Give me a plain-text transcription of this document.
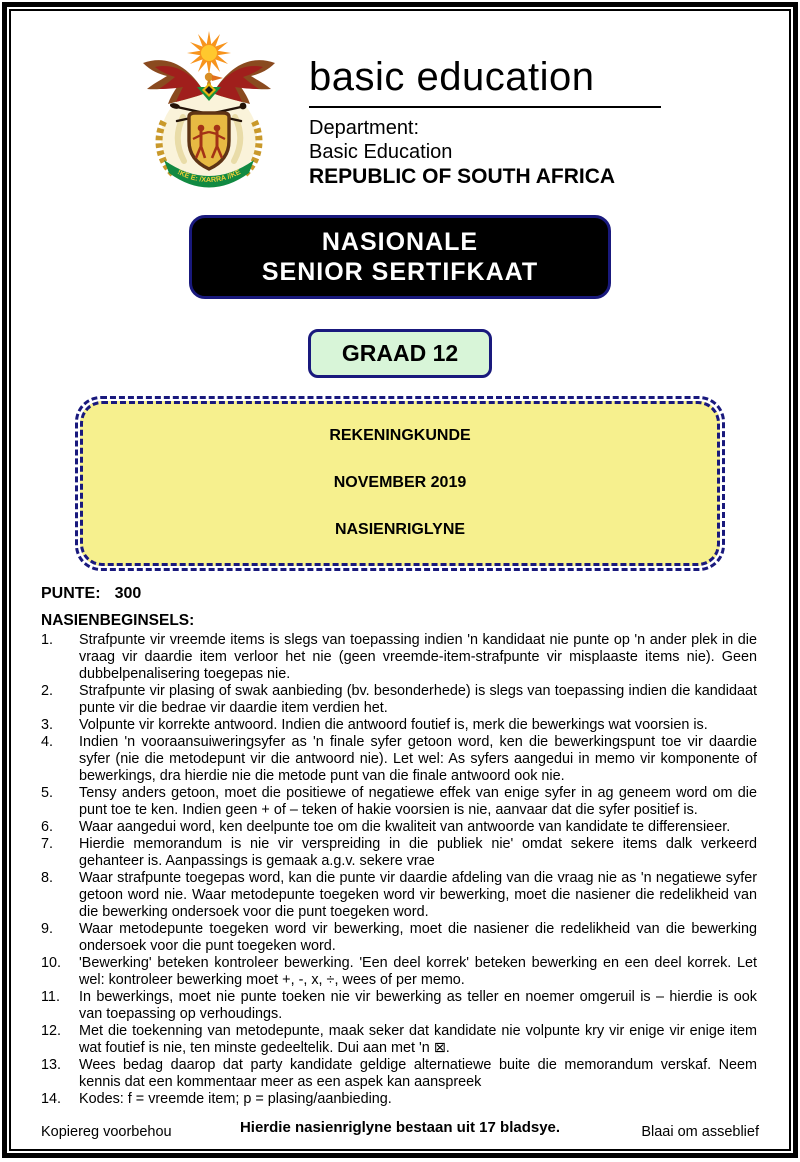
!KE E: /XARRA //KE
basic education
Department:
Basic Education
REPUBLIC OF SOUTH AFRICA
NASIONALE
SENIOR SERTIFKAAT
GRAAD 12
REKENINGKUNDE
NOVEMBER 2019
NASIENRIGLYNE
PUNTE: 300
NASIENBEGINSELS:
1.	Strafpunte vir vreemde items is slegs van toepassing indien 'n kandidaat nie punte op 'n ander plek in die vraag vir daardie item verloor het nie (geen vreemde-item-strafpunte vir misplaaste items nie). Geen dubbelpenalisering toegepas nie.
2.	Strafpunte vir plasing of swak aanbieding (bv. besonderhede) is slegs van toepassing indien die kandidaat punte vir die bedrae vir daardie item verdien het.
3.	Volpunte vir korrekte antwoord. Indien die antwoord foutief is, merk die bewerkings wat voorsien is.
4.	Indien 'n vooraansuiweringsyfer as 'n finale syfer getoon word, ken die bewerkingspunt toe vir daardie syfer (nie die metodepunt vir die antwoord nie). Let wel: As syfers aangedui in memo vir komponente of bewerkings, dra hierdie nie die metode punt van die finale antwoord ook nie.
5.	Tensy anders getoon, moet die positiewe of negatiewe effek van enige syfer in ag geneem word om die punt toe te ken. Indien geen + of – teken of hakie voorsien is nie, aanvaar dat die syfer positief is.
6.	Waar aangedui word, ken deelpunte toe om die kwaliteit van antwoorde van kandidate te differensieer.
7.	Hierdie memorandum is nie vir verspreiding in die publiek nie' omdat sekere items dalk verkeerd gehanteer is. Aanpassings is gemaak a.g.v. sekere vrae
8.	Waar strafpunte toegepas word, kan die punte vir daardie afdeling van die vraag nie as 'n negatiewe syfer getoon word nie. Waar metodepunte toegeken word vir bewerking, moet die nasiener die redelikheid van die bewerking ondersoek voor die punt toegeken word.
9.	Waar metodepunte toegeken word vir bewerking, moet die nasiener die redelikheid van die bewerking ondersoek voor die punt toegeken word.
10.	'Bewerking' beteken kontroleer bewerking. 'Een deel korrek' beteken bewerking en een deel korrek. Let wel: kontroleer bewerking moet +, -, x, ÷, wees of per memo.
11.	In bewerkings, moet nie punte toeken nie vir bewerking as teller en noemer omgeruil is – hierdie is ook van toepassing op verhoudings.
12.	Met die toekenning van metodepunte, maak seker dat kandidate nie volpunte kry vir enige vir enige item wat foutief is nie, ten minste gedeeltelik. Dui aan met 'n ⊠.
13.	Wees bedag daarop dat party kandidate geldige alternatiewe buite die memorandum verskaf. Neem kennis dat een kommentaar meer as een aspek kan aanspreek
14.	Kodes: f = vreemde item; p = plasing/aanbieding.
Hierdie nasienriglyne bestaan uit 17 bladsye.
Kopiereg voorbehou	Blaai om asseblief
